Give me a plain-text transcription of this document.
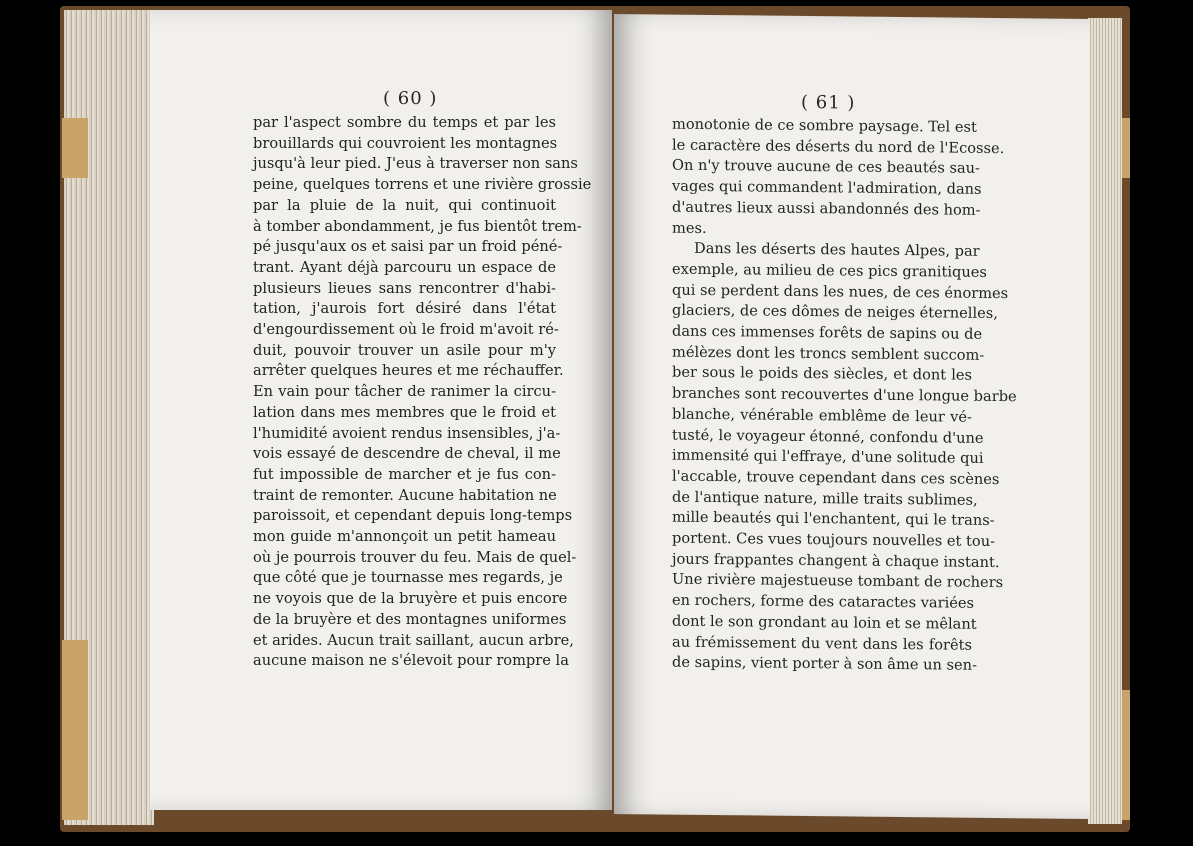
( 60 )
par l'aspect sombre du temps et par les
brouillards qui couvroient les montagnes
jusqu'à leur pied. J'eus à traverser non sans
peine, quelques torrens et une rivière grossie
par la pluie de la nuit, qui continuoit
à tomber abondamment, je fus bientôt trem-
pé jusqu'aux os et saisi par un froid péné-
trant. Ayant déjà parcouru un espace de
plusieurs lieues sans rencontrer d'habi-
tation, j'aurois fort désiré dans l'état
d'engourdissement où le froid m'avoit ré-
duit, pouvoir trouver un asile pour m'y
arrêter quelques heures et me réchauffer.
En vain pour tâcher de ranimer la circu-
lation dans mes membres que le froid et
l'humidité avoient rendus insensibles, j'a-
vois essayé de descendre de cheval, il me
fut impossible de marcher et je fus con-
traint de remonter. Aucune habitation ne
paroissoit, et cependant depuis long-temps
mon guide m'annonçoit un petit hameau
où je pourrois trouver du feu. Mais de quel-
que côté que je tournasse mes regards, je
ne voyois que de la bruyère et puis encore
de la bruyère et des montagnes uniformes
et arides. Aucun trait saillant, aucun arbre,
aucune maison ne s'élevoit pour rompre la
( 61 )
monotonie de ce sombre paysage. Tel est
le caractère des déserts du nord de l'Ecosse.
On n'y trouve aucune de ces beautés sau-
vages qui commandent l'admiration, dans
d'autres lieux aussi abandonnés des hom-
mes.
Dans les déserts des hautes Alpes, par
exemple, au milieu de ces pics granitiques
qui se perdent dans les nues, de ces énormes
glaciers, de ces dômes de neiges éternelles,
dans ces immenses forêts de sapins ou de
mélèzes dont les troncs semblent succom-
ber sous le poids des siècles, et dont les
branches sont recouvertes d'une longue barbe
blanche, vénérable emblême de leur vé-
tusté, le voyageur étonné, confondu d'une
immensité qui l'effraye, d'une solitude qui
l'accable, trouve cependant dans ces scènes
de l'antique nature, mille traits sublimes,
mille beautés qui l'enchantent, qui le trans-
portent. Ces vues toujours nouvelles et tou-
jours frappantes changent à chaque instant.
Une rivière majestueuse tombant de rochers
en rochers, forme des cataractes variées
dont le son grondant au loin et se mêlant
au frémissement du vent dans les forêts
de sapins, vient porter à son âme un sen-
